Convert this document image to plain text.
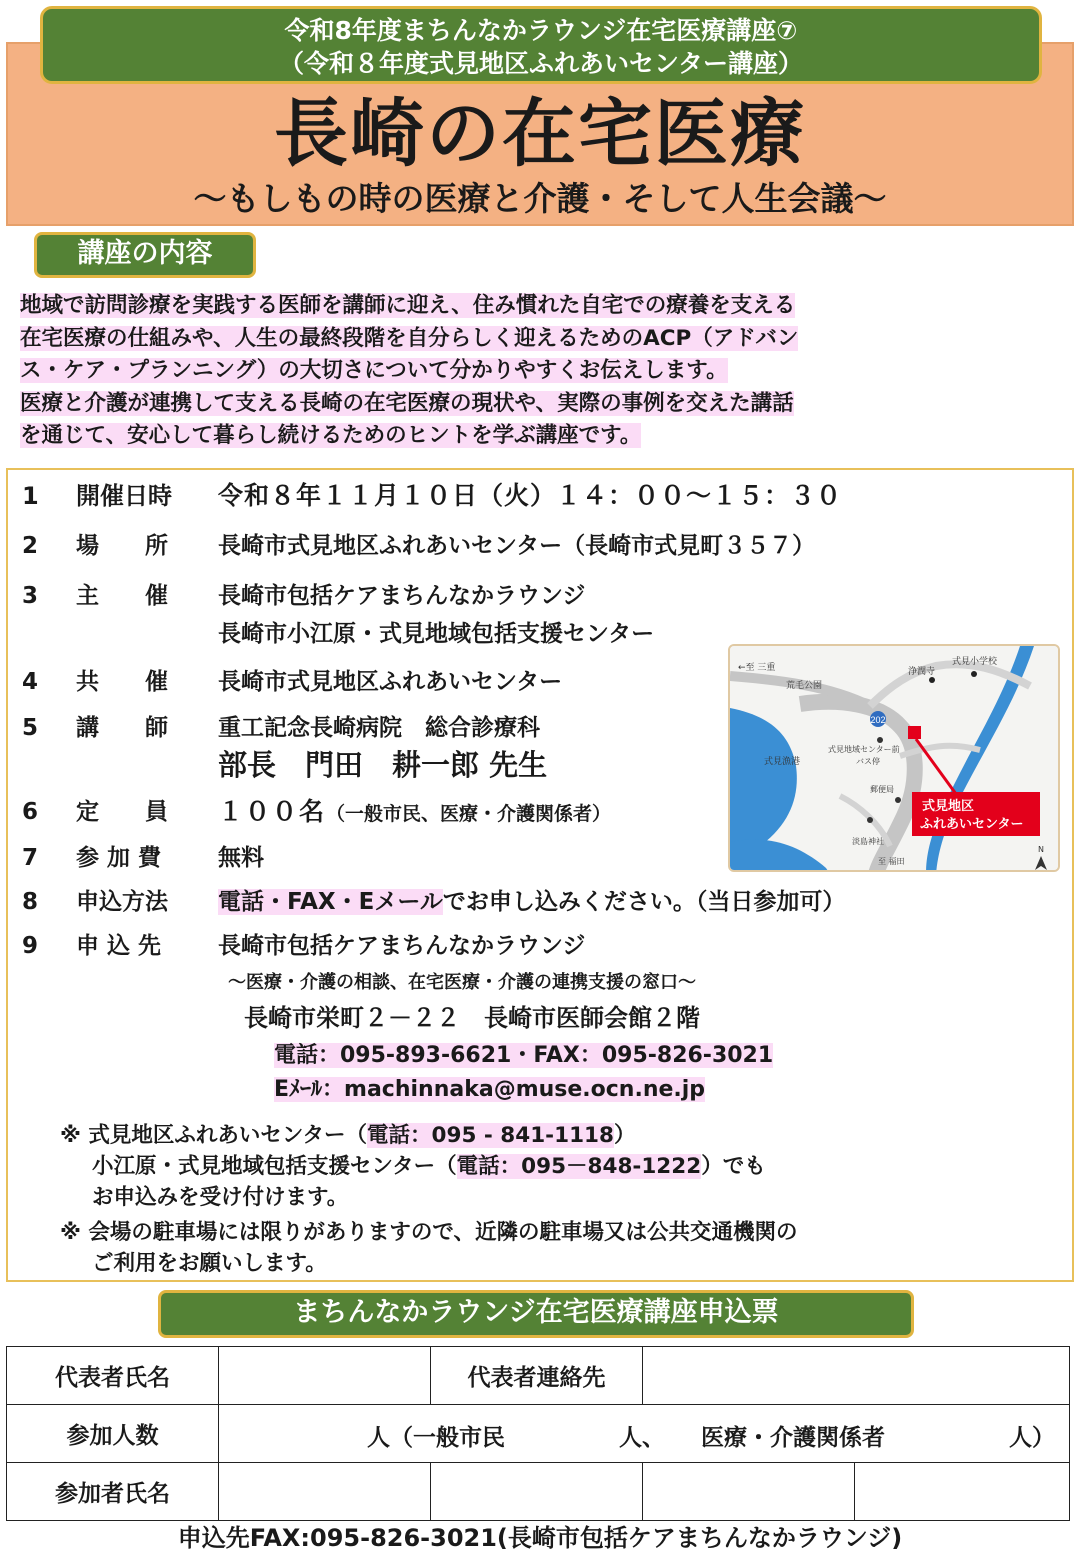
令和8年度まちんなかラウンジ在宅医療講座⑦
（令和８年度式見地区ふれあいセンター講座）
長崎の在宅医療
〜もしもの時の医療と介護・そして人生会議〜
講座の内容
地域で訪問診療を実践する医師を講師に迎え、住み慣れた自宅での療養を支える
在宅医療の仕組みや、人生の最終段階を自分らしく迎えるためのACP（アドバン
ス・ケア・プランニング）の大切さについて分かりやすくお伝えします。
医療と介護が連携して支える長崎の在宅医療の現状や、実際の事例を交えた講話
を通じて、安心して暮らし続けるためのヒントを学ぶ講座です。
1	開催日時	令和８年１１月１０日（火）１４：００〜１５：３０
2	場　　所	長崎市式見地区ふれあいセンター（長崎市式見町３５７）
3	主　　催	長崎市包括ケアまちんなかラウンジ
長崎市小江原・式見地域包括支援センター
4	共　　催	長崎市式見地区ふれあいセンター
5	講　　師	重工記念長崎病院　総合診療科
部長　門田　耕一郎 先生
6	定　　員	１００名（一般市民、医療・介護関係者）
7	参 加 費	無料
8	申込方法	電話・FAX・Eメールでお申し込みください。（当日参加可）
9	申 込 先	長崎市包括ケアまちんなかラウンジ
〜医療・介護の相談、在宅医療・介護の連携支援の窓口〜
長崎市栄町２－２２　長崎市医師会館２階
電話：095-893-6621・FAX：095-826-3021
Eﾒｰﾙ：machinnaka@muse.ocn.ne.jp
※ 式見地区ふれあいセンター（電話：095 - 841-1118）
小江原・式見地域包括支援センター（電話：095－848-1222）でも
お申込みを受け付けます。
※ 会場の駐車場には限りがありますので、近隣の駐車場又は公共交通機関の
ご利用をお願いします。
202
←至 三重
荒毛公園
浄潤寺
式見小学校
式見漁港
式見地域センター前
バス停
郵便局
淡島神社
至 福田
式見地区
ふれあいセンター
N
まちんなかラウンジ在宅医療講座申込票
代表者氏名		代表者連絡先		
参加人数	人（一般市民 人、 医療・介護関係者 人）			

参加者氏名				
申込先FAX:095-826-3021(長崎市包括ケアまちんなかラウンジ)
